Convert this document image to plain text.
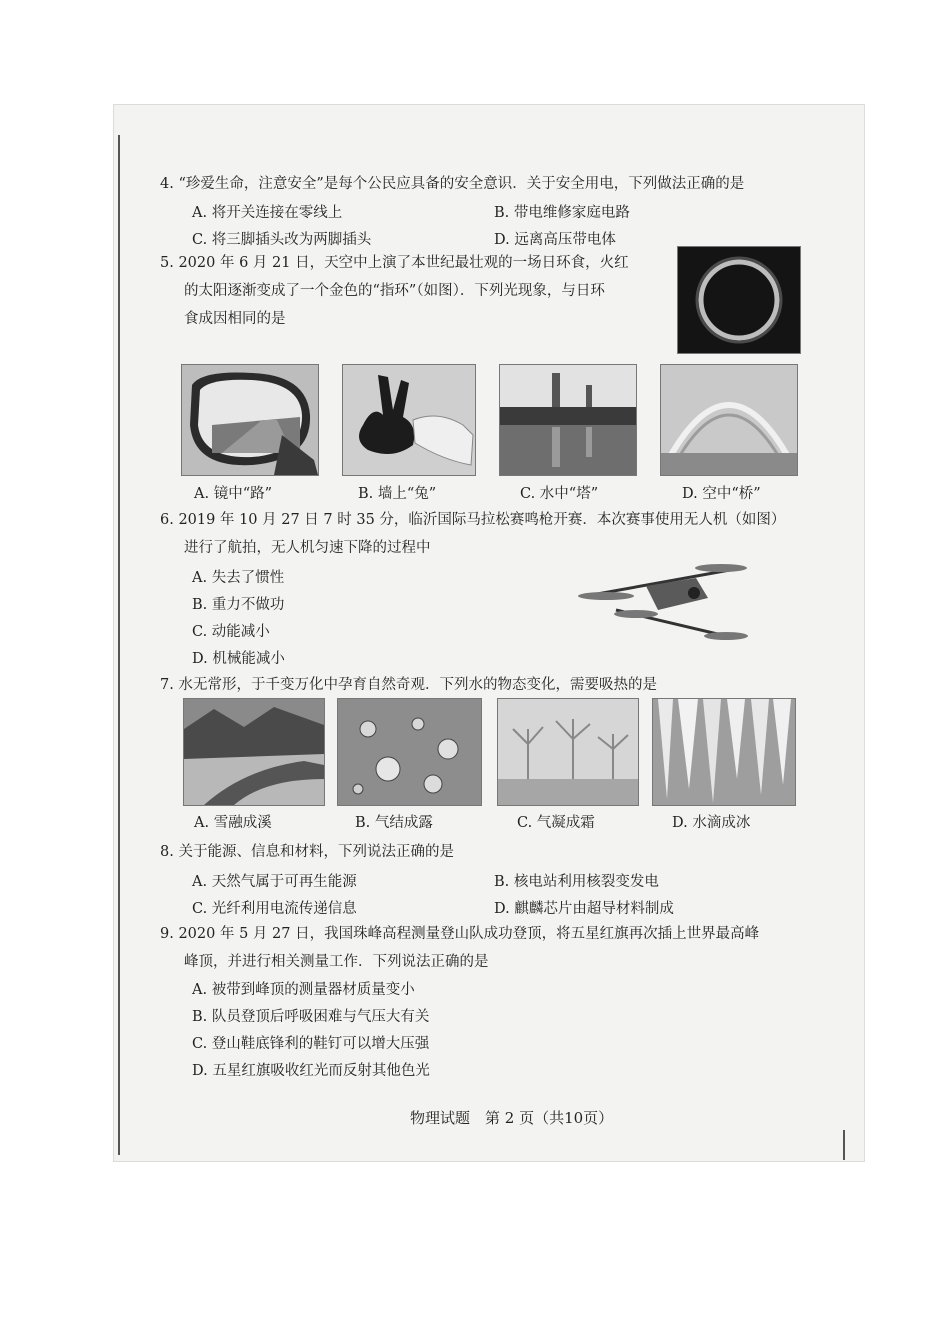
4. “珍爱生命，注意安全”是每个公民应具备的安全意识．关于安全用电，下列做法正确的是
A. 将开关连接在零线上	B. 带电维修家庭电路
C. 将三脚插头改为两脚插头	D. 远离高压带电体
5. 2020 年 6 月 21 日，天空中上演了本世纪最壮观的一场日环食，火红
的太阳逐渐变成了一个金色的“指环”（如图）．下列光现象，与日环
食成因相同的是
A. 镜中“路”	B. 墙上“兔”	C. 水中“塔”	D. 空中“桥”
6. 2019 年 10 月 27 日 7 时 35 分，临沂国际马拉松赛鸣枪开赛．本次赛事使用无人机（如图）
进行了航拍，无人机匀速下降的过程中
A. 失去了惯性
B. 重力不做功
C. 动能减小
D. 机械能减小
7. 水无常形，于千变万化中孕育自然奇观．下列水的物态变化，需要吸热的是
A. 雪融成溪	B. 气结成露	C. 气凝成霜	D. 水滴成冰
8. 关于能源、信息和材料，下列说法正确的是
A. 天然气属于可再生能源	B. 核电站利用核裂变发电
C. 光纤利用电流传递信息	D. 麒麟芯片由超导材料制成
9. 2020 年 5 月 27 日，我国珠峰高程测量登山队成功登顶，将五星红旗再次插上世界最高峰
峰顶，并进行相关测量工作．下列说法正确的是
A. 被带到峰顶的测量器材质量变小
B. 队员登顶后呼吸困难与气压大有关
C. 登山鞋底锋利的鞋钉可以增大压强
D. 五星红旗吸收红光而反射其他色光
物理试题　第 2 页（共10页）
